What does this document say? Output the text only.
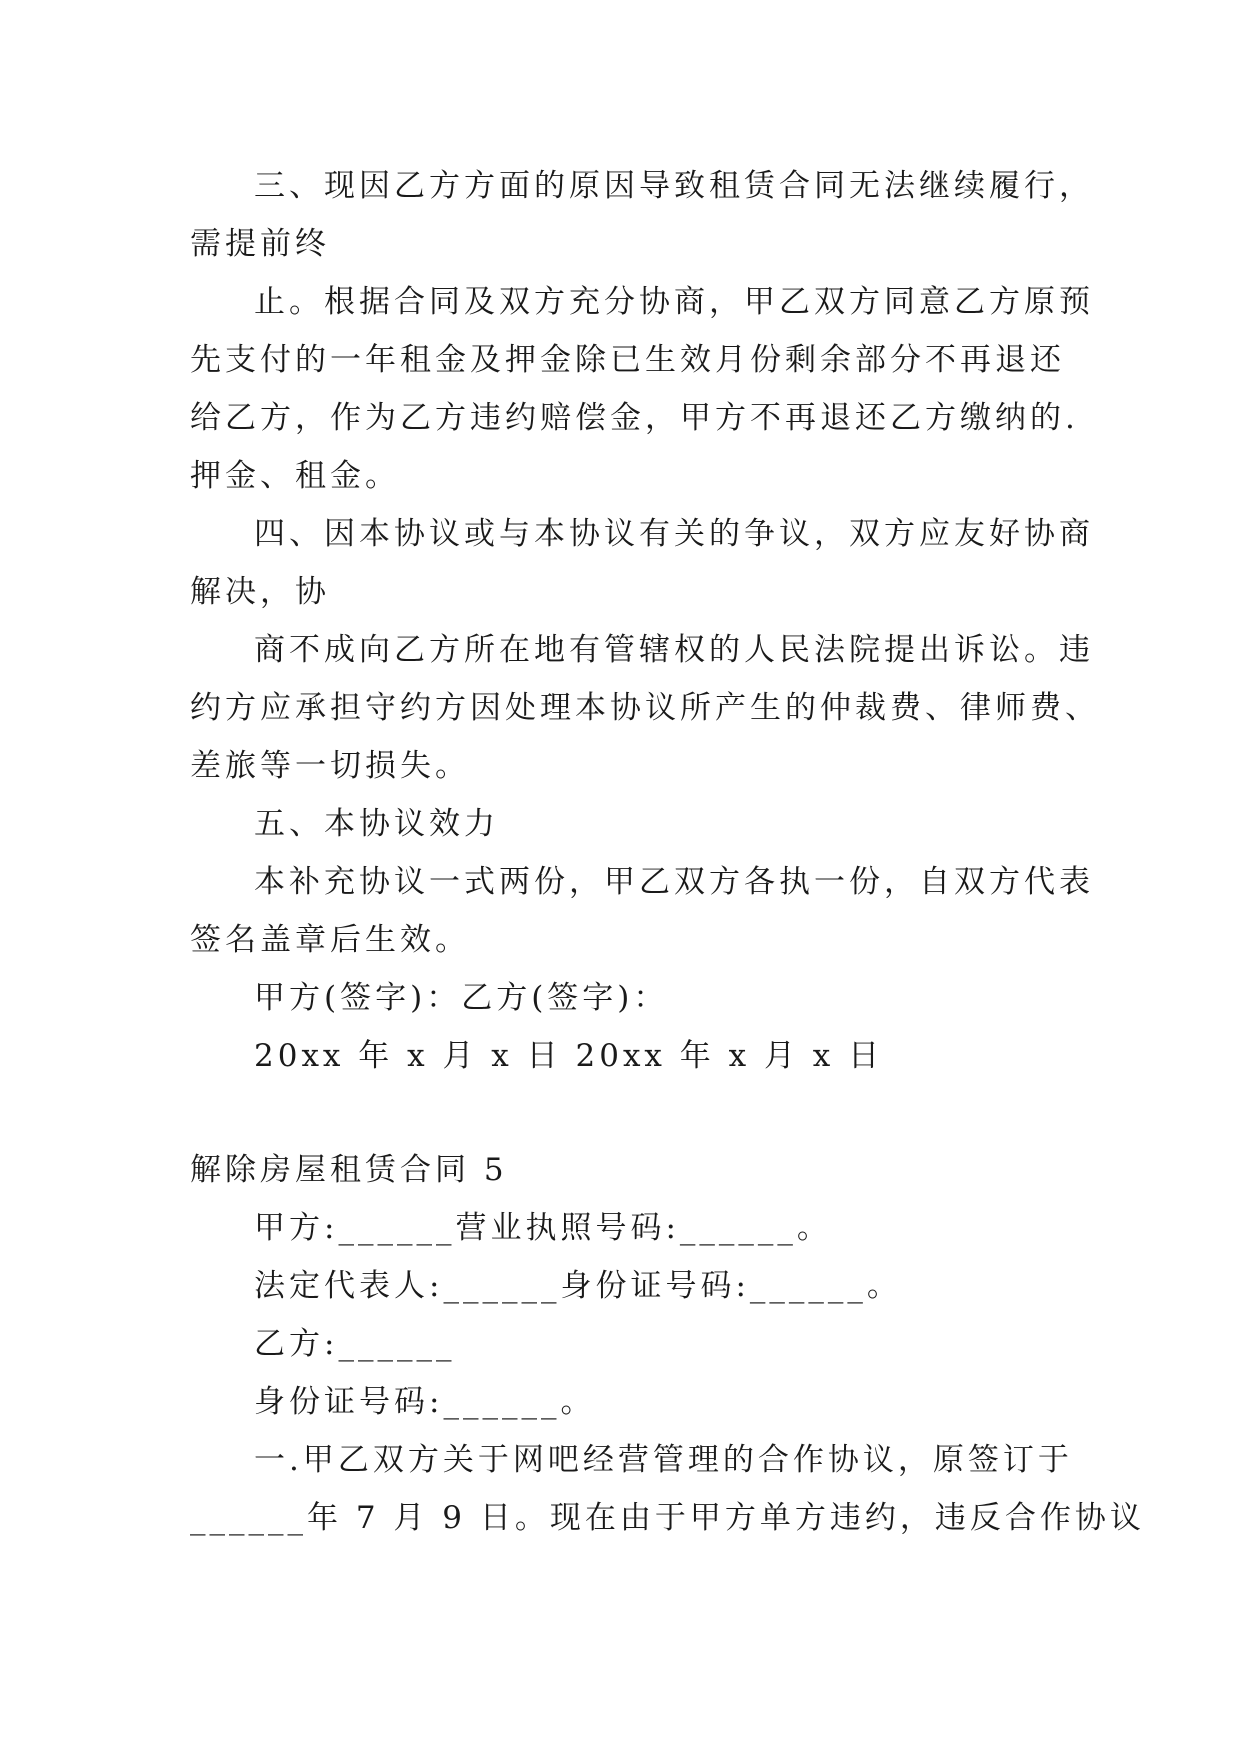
三、现因乙方方面的原因导致租赁合同无法继续履行，
需提前终
止。根据合同及双方充分协商，甲乙双方同意乙方原预
先支付的一年租金及押金除已生效月份剩余部分不再退还
给乙方，作为乙方违约赔偿金，甲方不再退还乙方缴纳的.
押金、租金。
四、因本协议或与本协议有关的争议，双方应友好协商
解决，协
商不成向乙方所在地有管辖权的人民法院提出诉讼。违
约方应承担守约方因处理本协议所产生的仲裁费、律师费、
差旅等一切损失。
五、本协议效力
本补充协议一式两份，甲乙双方各执一份，自双方代表
签名盖章后生效。
甲方(签字)：乙方(签字)：
20xx 年 x 月 x 日 20xx 年 x 月 x 日
解除房屋租赁合同 5
甲方:______营业执照号码:______。
法定代表人:______身份证号码:______。
乙方:______
身份证号码:______。
一.甲乙双方关于网吧经营管理的合作协议，原签订于
______年 7 月 9 日。现在由于甲方单方违约，违反合作协议
